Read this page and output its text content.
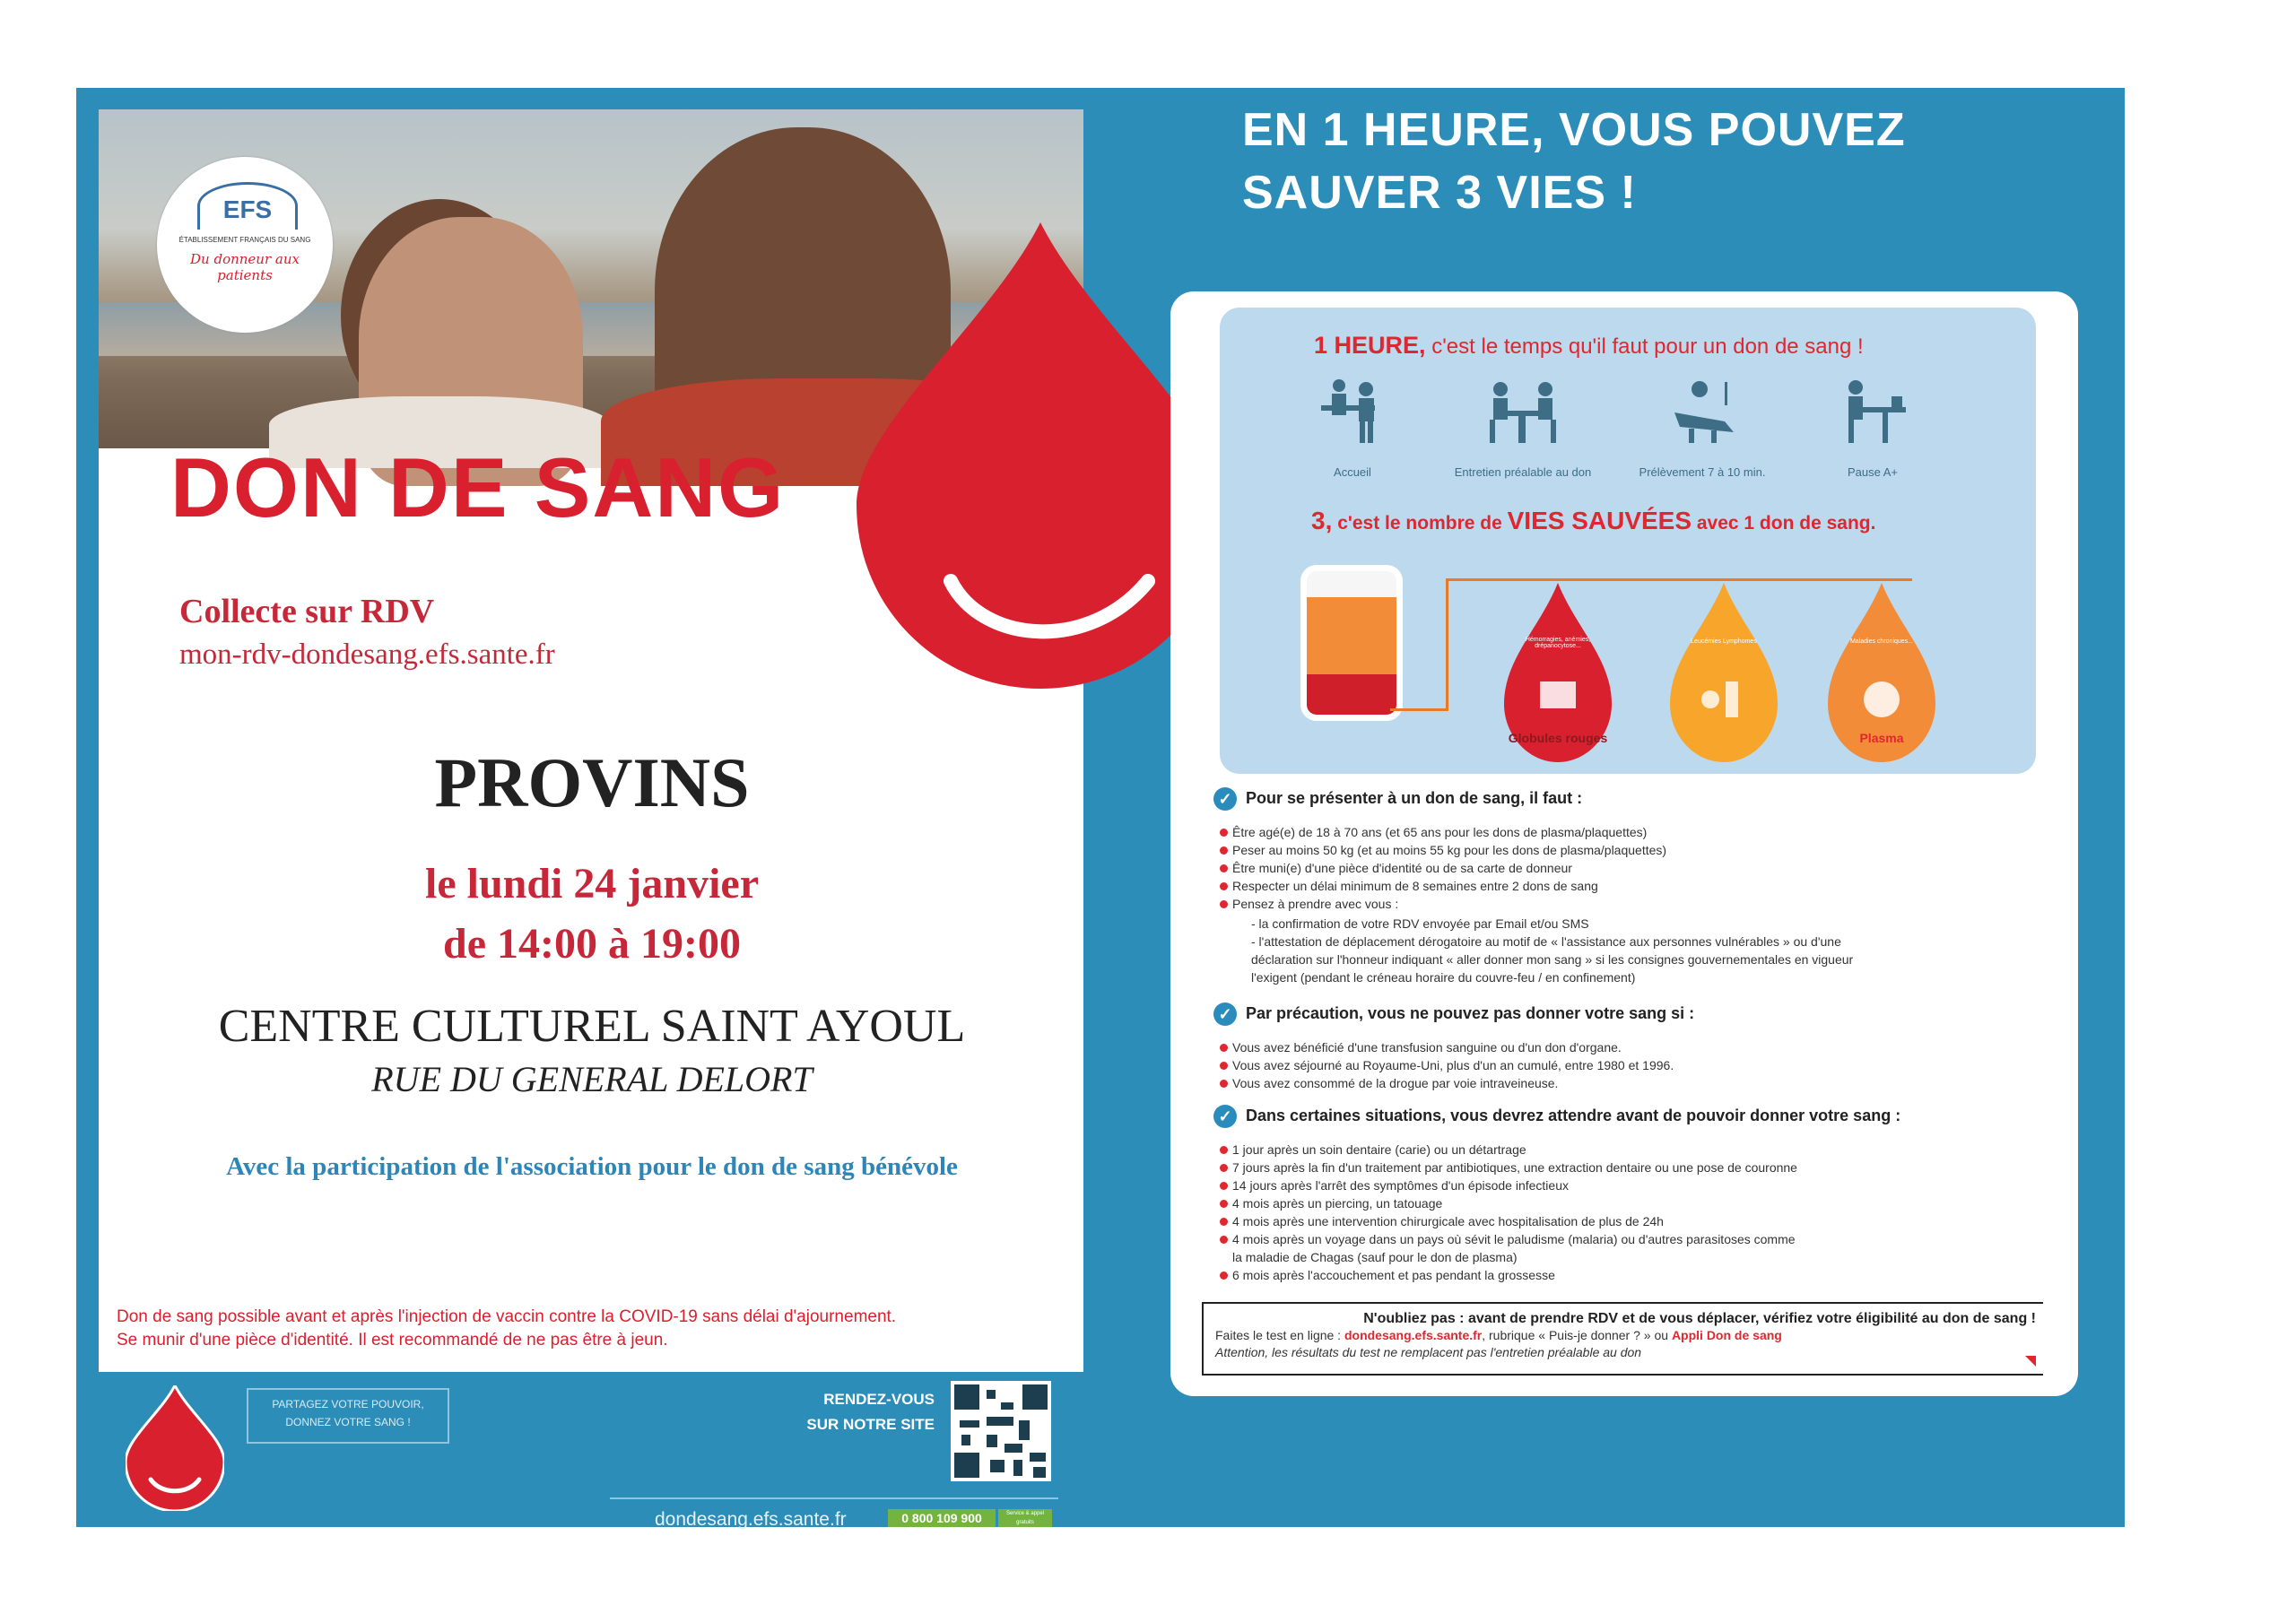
EFS
ÉTABLISSEMENT FRANÇAIS DU SANG
Du donneur aux patients
DON DE SANG
Collecte sur RDV
mon-rdv-dondesang.efs.sante.fr
PROVINS
le lundi 24 janvier
de 14:00 à 19:00
CENTRE CULTUREL SAINT AYOUL
RUE DU GENERAL DELORT
Avec la participation de l'association pour le don de sang bénévole
Don de sang possible avant et après l'injection de vaccin contre la COVID-19 sans délai d'ajournement.
Se munir d'une pièce d'identité. Il est recommandé de ne pas être à jeun.
PARTAGEZ VOTRE POUVOIR,
DONNEZ VOTRE SANG !
RENDEZ-VOUS
SUR NOTRE SITE
dondesang.efs.sante.fr	0 800 109 900	Service & appel gratuits
EN 1 HEURE, VOUS POUVEZ
SAUVER 3 VIES !
1 HEURE, c'est le temps qu'il faut pour un don de sang !
Accueil	Entretien préalable au don	Prélèvement 7 à 10 min.	Pause A+
3, c'est le nombre de VIES SAUVÉES avec 1 don de sang.
Globules rouges	Plaquettes	Plasma
Hémorragies, anémies, drépanocytose...
Leucémies Lymphomes	Maladies chroniques...
✓ Pour se présenter à un don de sang, il faut :
Être agé(e) de 18 à 70 ans (et 65 ans pour les dons de plasma/plaquettes)
Peser au moins 50 kg (et au moins 55 kg pour les dons de plasma/plaquettes)
Être muni(e) d'une pièce d'identité ou de sa carte de donneur
Respecter un délai minimum de 8 semaines entre 2 dons de sang
Pensez à prendre avec vous :
- la confirmation de votre RDV envoyée par Email et/ou SMS
- l'attestation de déplacement dérogatoire au motif de « l'assistance aux personnes vulnérables » ou d'une
déclaration sur l'honneur indiquant « aller donner mon sang » si les consignes gouvernementales en vigueur
l'exigent (pendant le créneau horaire du couvre-feu / en confinement)
✓ Par précaution, vous ne pouvez pas donner votre sang si :
Vous avez bénéficié d'une transfusion sanguine ou d'un don d'organe.
Vous avez séjourné au Royaume-Uni, plus d'un an cumulé, entre 1980 et 1996.
Vous avez consommé de la drogue par voie intraveineuse.
✓ Dans certaines situations, vous devrez attendre avant de pouvoir donner votre sang :
1 jour après un soin dentaire (carie) ou un détartrage
7 jours après la fin d'un traitement par antibiotiques, une extraction dentaire ou une pose de couronne
14 jours après l'arrêt des symptômes d'un épisode infectieux
4 mois après un piercing, un tatouage
4 mois après une intervention chirurgicale avec hospitalisation de plus de 24h
4 mois après un voyage dans un pays où sévit le paludisme (malaria) ou d'autres parasitoses comme
la maladie de Chagas (sauf pour le don de plasma)
6 mois après l'accouchement et pas pendant la grossesse
N'oubliez pas : avant de prendre RDV et de vous déplacer, vérifiez votre éligibilité au don de sang !
Faites le test en ligne : dondesang.efs.sante.fr, rubrique « Puis-je donner ? » ou Appli Don de sang
Attention, les résultats du test ne remplacent pas l'entretien préalable au don
